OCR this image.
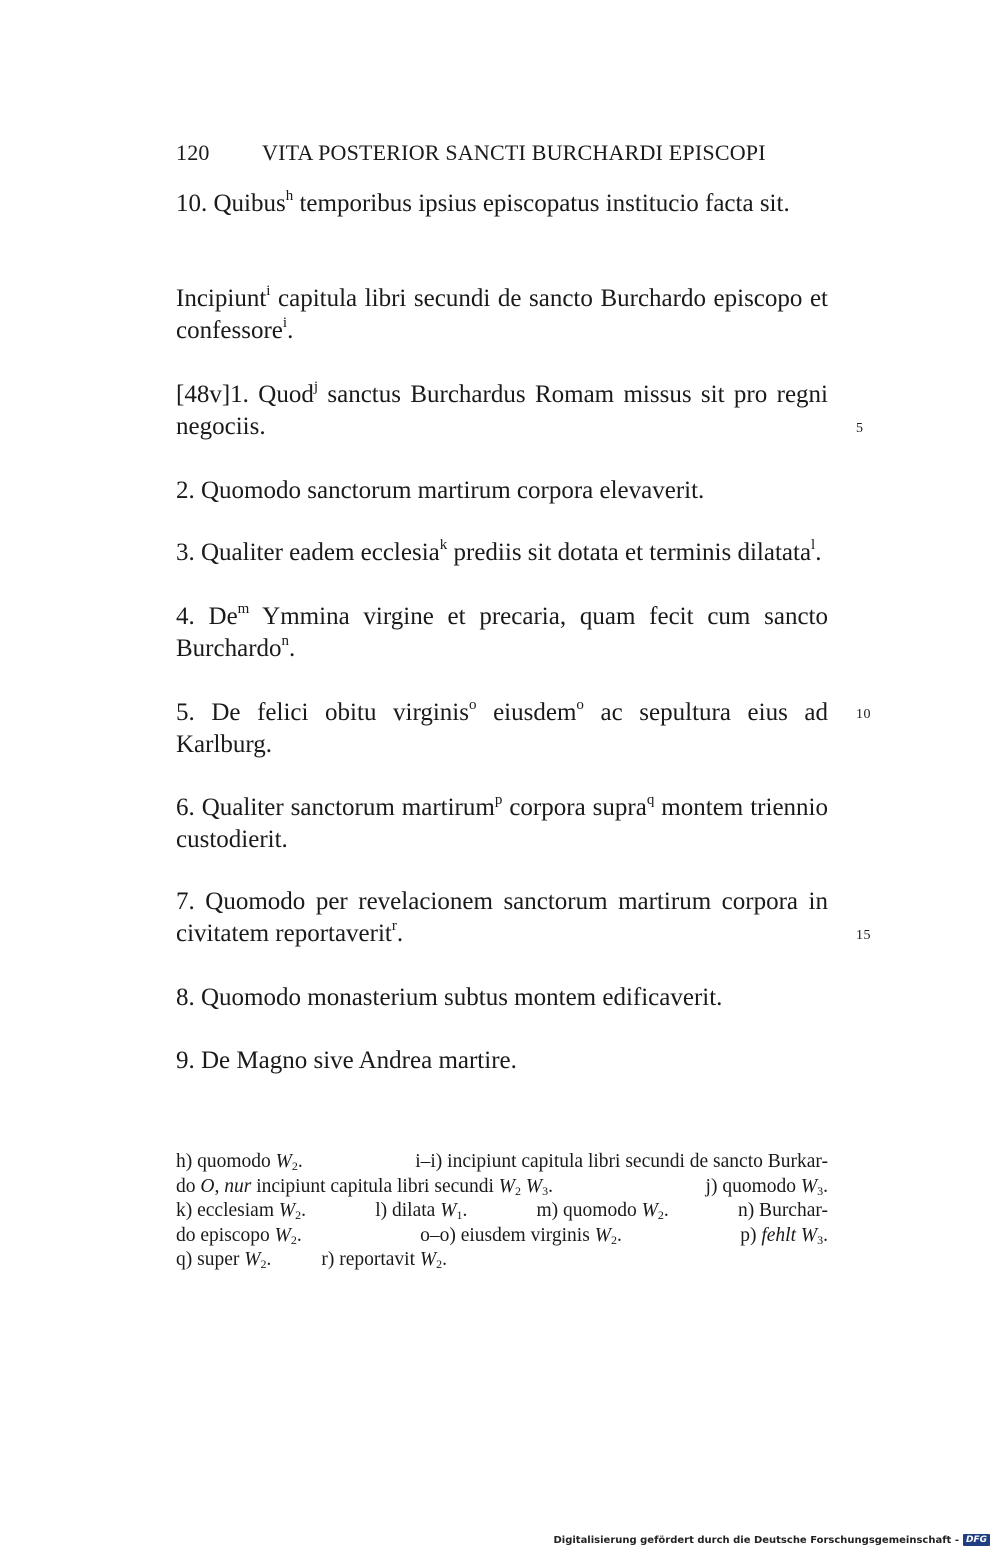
120 VITA POSTERIOR SANCTI BURCHARDI EPISCOPI
10. Quibus$^h$ temporibus ipsius episcopatus institucio facta sit.
Incipiunt$^i$ capitula libri secundi de sancto Burchardo episcopo et confessore$^i$.
[48v]1. Quod$^j$ sanctus Burchardus Romam missus sit pro regni negociis.	5
2. Quomodo sanctorum martirum corpora elevaverit.
3. Qualiter eadem ecclesia$^k$ prediis sit dotata et terminis dilatata$^l$.
4. De$^m$ Ymmina virgine et precaria, quam fecit cum sancto Burchardo$^n$.
5. De felici obitu virginis$^o$ eiusdem$^o$ ac sepultura eius ad Karlburg.
10
6. Qualiter sanctorum martirum$^p$ corpora supra$^q$ montem triennio custodierit.
7. Quomodo per revelacionem sanctorum martirum corpora in civitatem reportaverit$^r$.	15
8. Quomodo monasterium subtus montem edificaverit.
9. De Magno sive Andrea martire.
h) quomodo $W_2$.	i–i) incipiunt capitula libri secundi de sancto Burkar-
do O, nur incipiunt capitula libri secundi $W_2$ $W_3$.	j) quomodo $W_3$.
k) ecclesiam $W_2$.	l) dilata $W_1$.	m) quomodo $W_2$.	n) Burchar-
do episcopo $W_2$.	o–o) eiusdem virginis $W_2$.	p) fehlt $W_3$.
q) super $W_2$.	r) reportavit $W_2$.
Digitalisierung gefördert durch die Deutsche Forschungsgemeinschaft - DFG
